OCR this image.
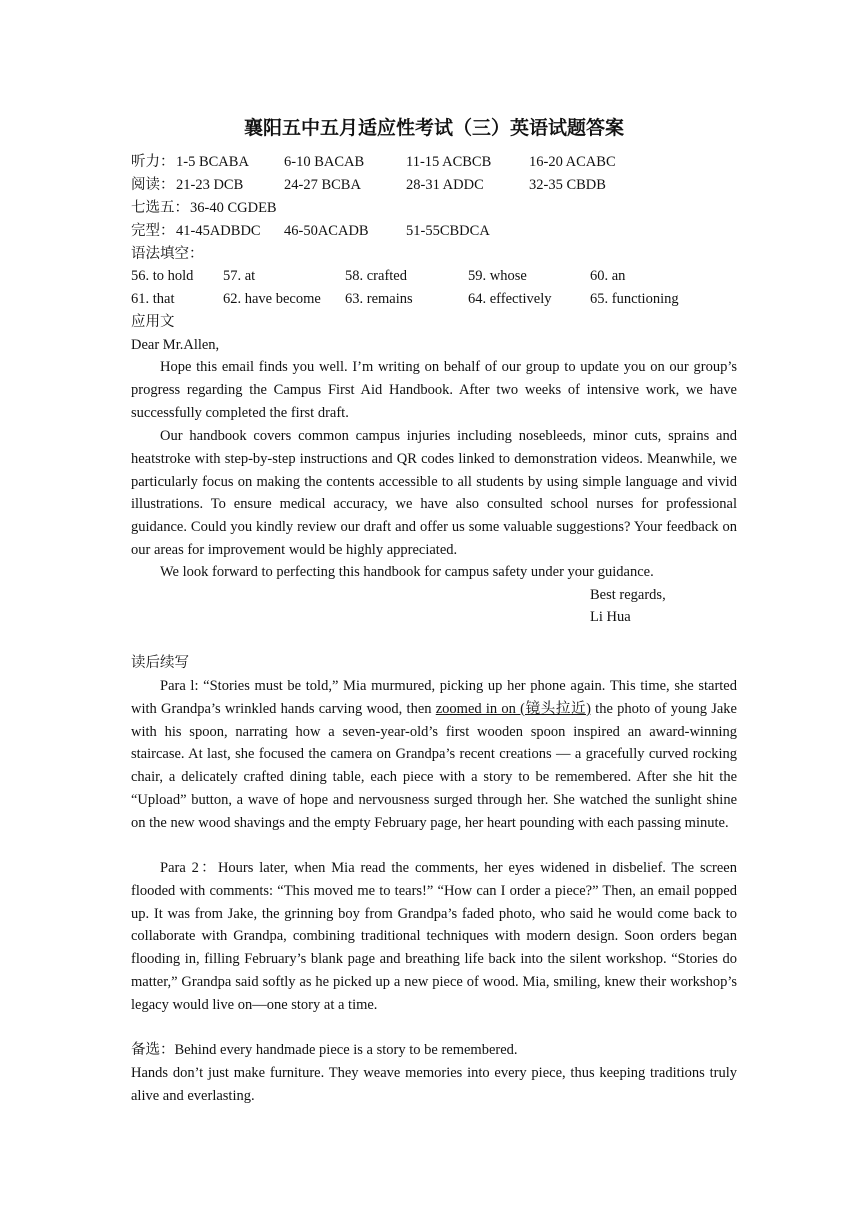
襄阳五中五月适应性考试（三）英语试题答案
听力： 1-5 BCABA 6-10 BACAB	11-15 ACBCB	16-20 ACABC
阅读： 21-23 DCB	24-27 BCBA	28-31 ADDC	32-35 CBDB
七选五： 36-40 CGDEB
完型： 41-45ADBDC 46-50ACADB	51-55CBDCA
语法填空：
56. to hold 57. at	58. crafted	59. whose	60. an
61. that	62. have become 63. remains	64. effectively	65. functioning
应用文
Dear Mr.Allen,
Hope this email finds you well. I’m writing on behalf of our group to update you on our group’s progress regarding the Campus First Aid Handbook. After two weeks of intensive work, we have successfully completed the first draft.
Our handbook covers common campus injuries including nosebleeds, minor cuts, sprains and heatstroke with step-by-step instructions and QR codes linked to demonstration videos. Meanwhile, we particularly focus on making the contents accessible to all students by using simple language and vivid illustrations. To ensure medical accuracy, we have also consulted school nurses for professional guidance. Could you kindly review our draft and offer us some valuable suggestions? Your feedback on our areas for improvement would be highly appreciated.
We look forward to perfecting this handbook for campus safety under your guidance.
Best regards,
Li Hua
读后续写
Para l: “Stories must be told,” Mia murmured, picking up her phone again. This time, she started with Grandpa’s wrinkled hands carving wood, then zoomed in on (镜头拉近) the photo of young Jake with his spoon, narrating how a seven-year-old’s first wooden spoon inspired an award-winning staircase. At last, she focused the camera on Grandpa’s recent creations — a gracefully curved rocking chair, a delicately crafted dining table, each piece with a story to be remembered. After she hit the “Upload” button, a wave of hope and nervousness surged through her. She watched the sunlight shine on the new wood shavings and the empty February page, her heart pounding with each passing minute.
Para 2：Hours later, when Mia read the comments, her eyes widened in disbelief. The screen flooded with comments: “This moved me to tears!” “How can I order a piece?” Then, an email popped up. It was from Jake, the grinning boy from Grandpa’s faded photo, who said he would come back to collaborate with Grandpa, combining traditional techniques with modern design. Soon orders began flooding in, filling February’s blank page and breathing life back into the silent workshop. “Stories do matter,” Grandpa said softly as he picked up a new piece of wood. Mia, smiling, knew their workshop’s legacy would live on—one story at a time.
备选：Behind every handmade piece is a story to be remembered.
Hands don’t just make furniture. They weave memories into every piece, thus keeping traditions truly alive and everlasting.
